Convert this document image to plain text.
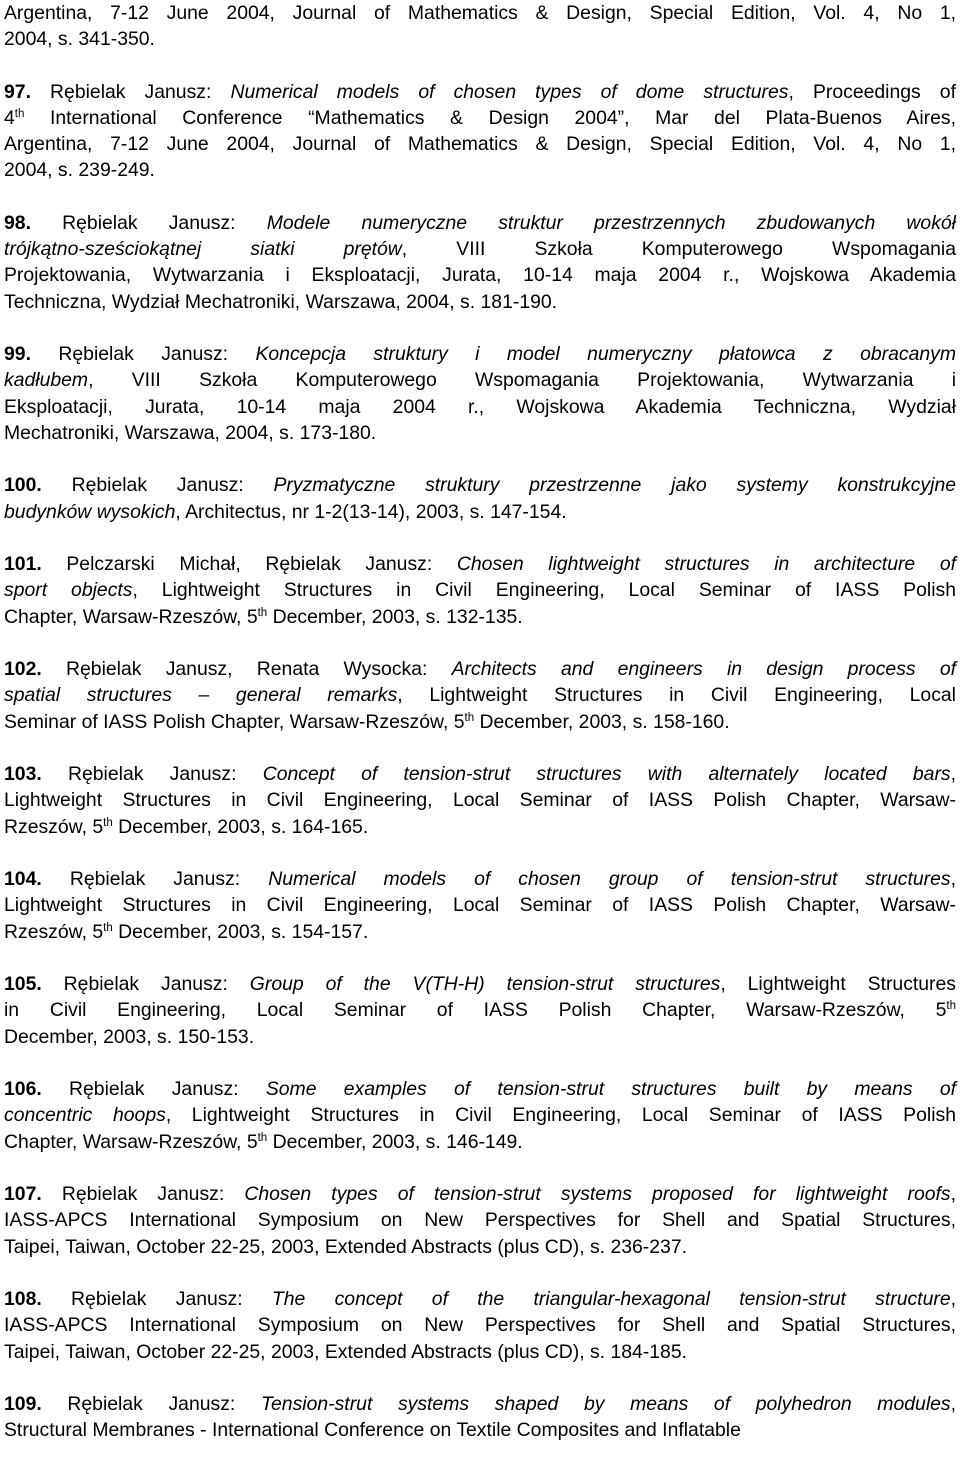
Argentina, 7-12 June 2004, Journal of Mathematics & Design, Special Edition, Vol. 4, No 1,

2004, s. 341-350.

97. Rębielak Janusz: Numerical models of chosen types of dome structures, Proceedings of

4th International Conference “Mathematics & Design 2004”, Mar del Plata-Buenos Aires,

Argentina, 7-12 June 2004, Journal of Mathematics & Design, Special Edition, Vol. 4, No 1,

2004, s. 239-249.

98. Rębielak Janusz: Modele numeryczne struktur przestrzennych zbudowanych wokół

trójkątno-sześciokątnej siatki prętów, VIII Szkoła Komputerowego Wspomagania

Projektowania, Wytwarzania i Eksploatacji, Jurata, 10-14 maja 2004 r., Wojskowa Akademia

Techniczna, Wydział Mechatroniki, Warszawa, 2004, s. 181-190.

99. Rębielak Janusz: Koncepcja struktury i model numeryczny płatowca z obracanym

kadłubem, VIII Szkoła Komputerowego Wspomagania Projektowania, Wytwarzania i

Eksploatacji, Jurata, 10-14 maja 2004 r., Wojskowa Akademia Techniczna, Wydział

Mechatroniki, Warszawa, 2004, s. 173-180.

100. Rębielak Janusz: Pryzmatyczne struktury przestrzenne jako systemy konstrukcyjne

budynków wysokich, Architectus, nr 1-2(13-14), 2003, s. 147-154.

101. Pelczarski Michał, Rębielak Janusz: Chosen lightweight structures in architecture of

sport objects, Lightweight Structures in Civil Engineering, Local Seminar of IASS Polish

Chapter, Warsaw-Rzeszów, 5th December, 2003, s. 132-135.

102. Rębielak Janusz, Renata Wysocka: Architects and engineers in design process of

spatial structures – general remarks, Lightweight Structures in Civil Engineering, Local

Seminar of IASS Polish Chapter, Warsaw-Rzeszów, 5th December, 2003, s. 158-160.

103. Rębielak Janusz: Concept of tension-strut structures with alternately located bars,

Lightweight Structures in Civil Engineering, Local Seminar of IASS Polish Chapter, Warsaw-

Rzeszów, 5th December, 2003, s. 164-165.

104. Rębielak Janusz: Numerical models of chosen group of tension-strut structures,

Lightweight Structures in Civil Engineering, Local Seminar of IASS Polish Chapter, Warsaw-

Rzeszów, 5th December, 2003, s. 154-157.

105. Rębielak Janusz: Group of the V(TH-H) tension-strut structures, Lightweight Structures

in Civil Engineering, Local Seminar of IASS Polish Chapter, Warsaw-Rzeszów, 5th

December, 2003, s. 150-153.

106. Rębielak Janusz: Some examples of tension-strut structures built by means of

concentric hoops, Lightweight Structures in Civil Engineering, Local Seminar of IASS Polish

Chapter, Warsaw-Rzeszów, 5th December, 2003, s. 146-149.

107. Rębielak Janusz: Chosen types of tension-strut systems proposed for lightweight roofs,

IASS-APCS International Symposium on New Perspectives for Shell and Spatial Structures,

Taipei, Taiwan, October 22-25, 2003, Extended Abstracts (plus CD), s. 236-237.

108. Rębielak Janusz: The concept of the triangular-hexagonal tension-strut structure,

IASS-APCS International Symposium on New Perspectives for Shell and Spatial Structures,

Taipei, Taiwan, October 22-25, 2003, Extended Abstracts (plus CD), s. 184-185.

109. Rębielak Janusz: Tension-strut systems shaped by means of polyhedron modules,

Structural Membranes - International Conference on Textile Composites and Inflatable
